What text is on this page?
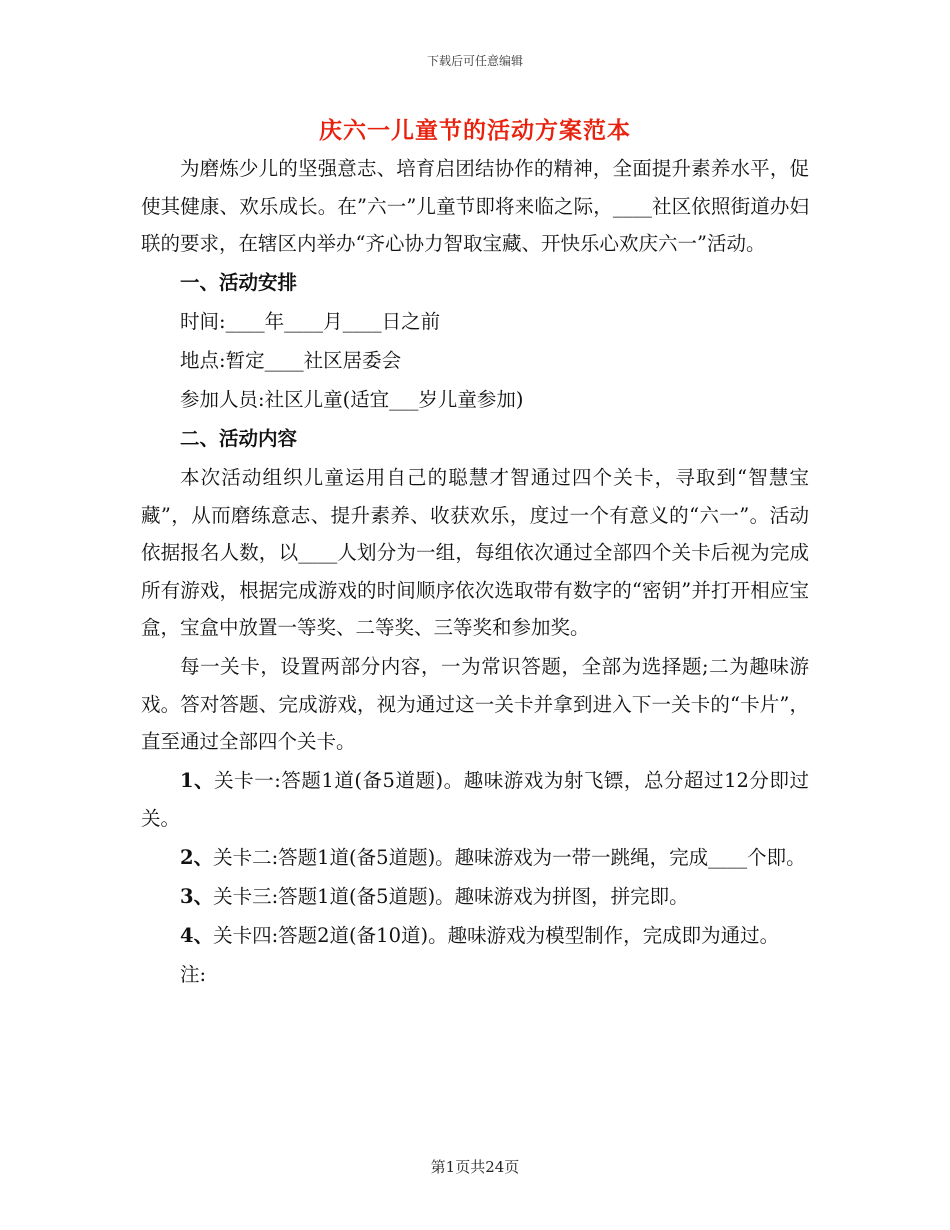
下载后可任意编辑
庆六一儿童节的活动方案范本

为磨炼少儿的坚强意志、培育启团结协作的精神，全面提升素养水平，促使其健康、欢乐成长。在”六一”儿童节即将来临之际，____社区依照街道办妇联的要求，在辖区内举办“齐心协力智取宝藏、开快乐心欢庆六一”活动。

一、活动安排

时间:____年____月____日之前

地点:暂定____社区居委会

参加人员:社区儿童(适宜___岁儿童参加)

二、活动内容

本次活动组织儿童运用自己的聪慧才智通过四个关卡，寻取到“智慧宝藏”，从而磨练意志、提升素养、收获欢乐，度过一个有意义的“六一”。活动依据报名人数，以____人划分为一组，每组依次通过全部四个关卡后视为完成所有游戏，根据完成游戏的时间顺序依次选取带有数字的“密钥”并打开相应宝盒，宝盒中放置一等奖、二等奖、三等奖和参加奖。

每一关卡，设置两部分内容，一为常识答题，全部为选择题;二为趣味游戏。答对答题、完成游戏，视为通过这一关卡并拿到进入下一关卡的“卡片”，直至通过全部四个关卡。

1、关卡一:答题1道(备5道题)。趣味游戏为射飞镖，总分超过12分即过关。

2、关卡二:答题1道(备5道题)。趣味游戏为一带一跳绳，完成____个即。

3、关卡三:答题1道(备5道题)。趣味游戏为拼图，拼完即。

4、关卡四:答题2道(备10道)。趣味游戏为模型制作，完成即为通过。

注:

第1页共24页
